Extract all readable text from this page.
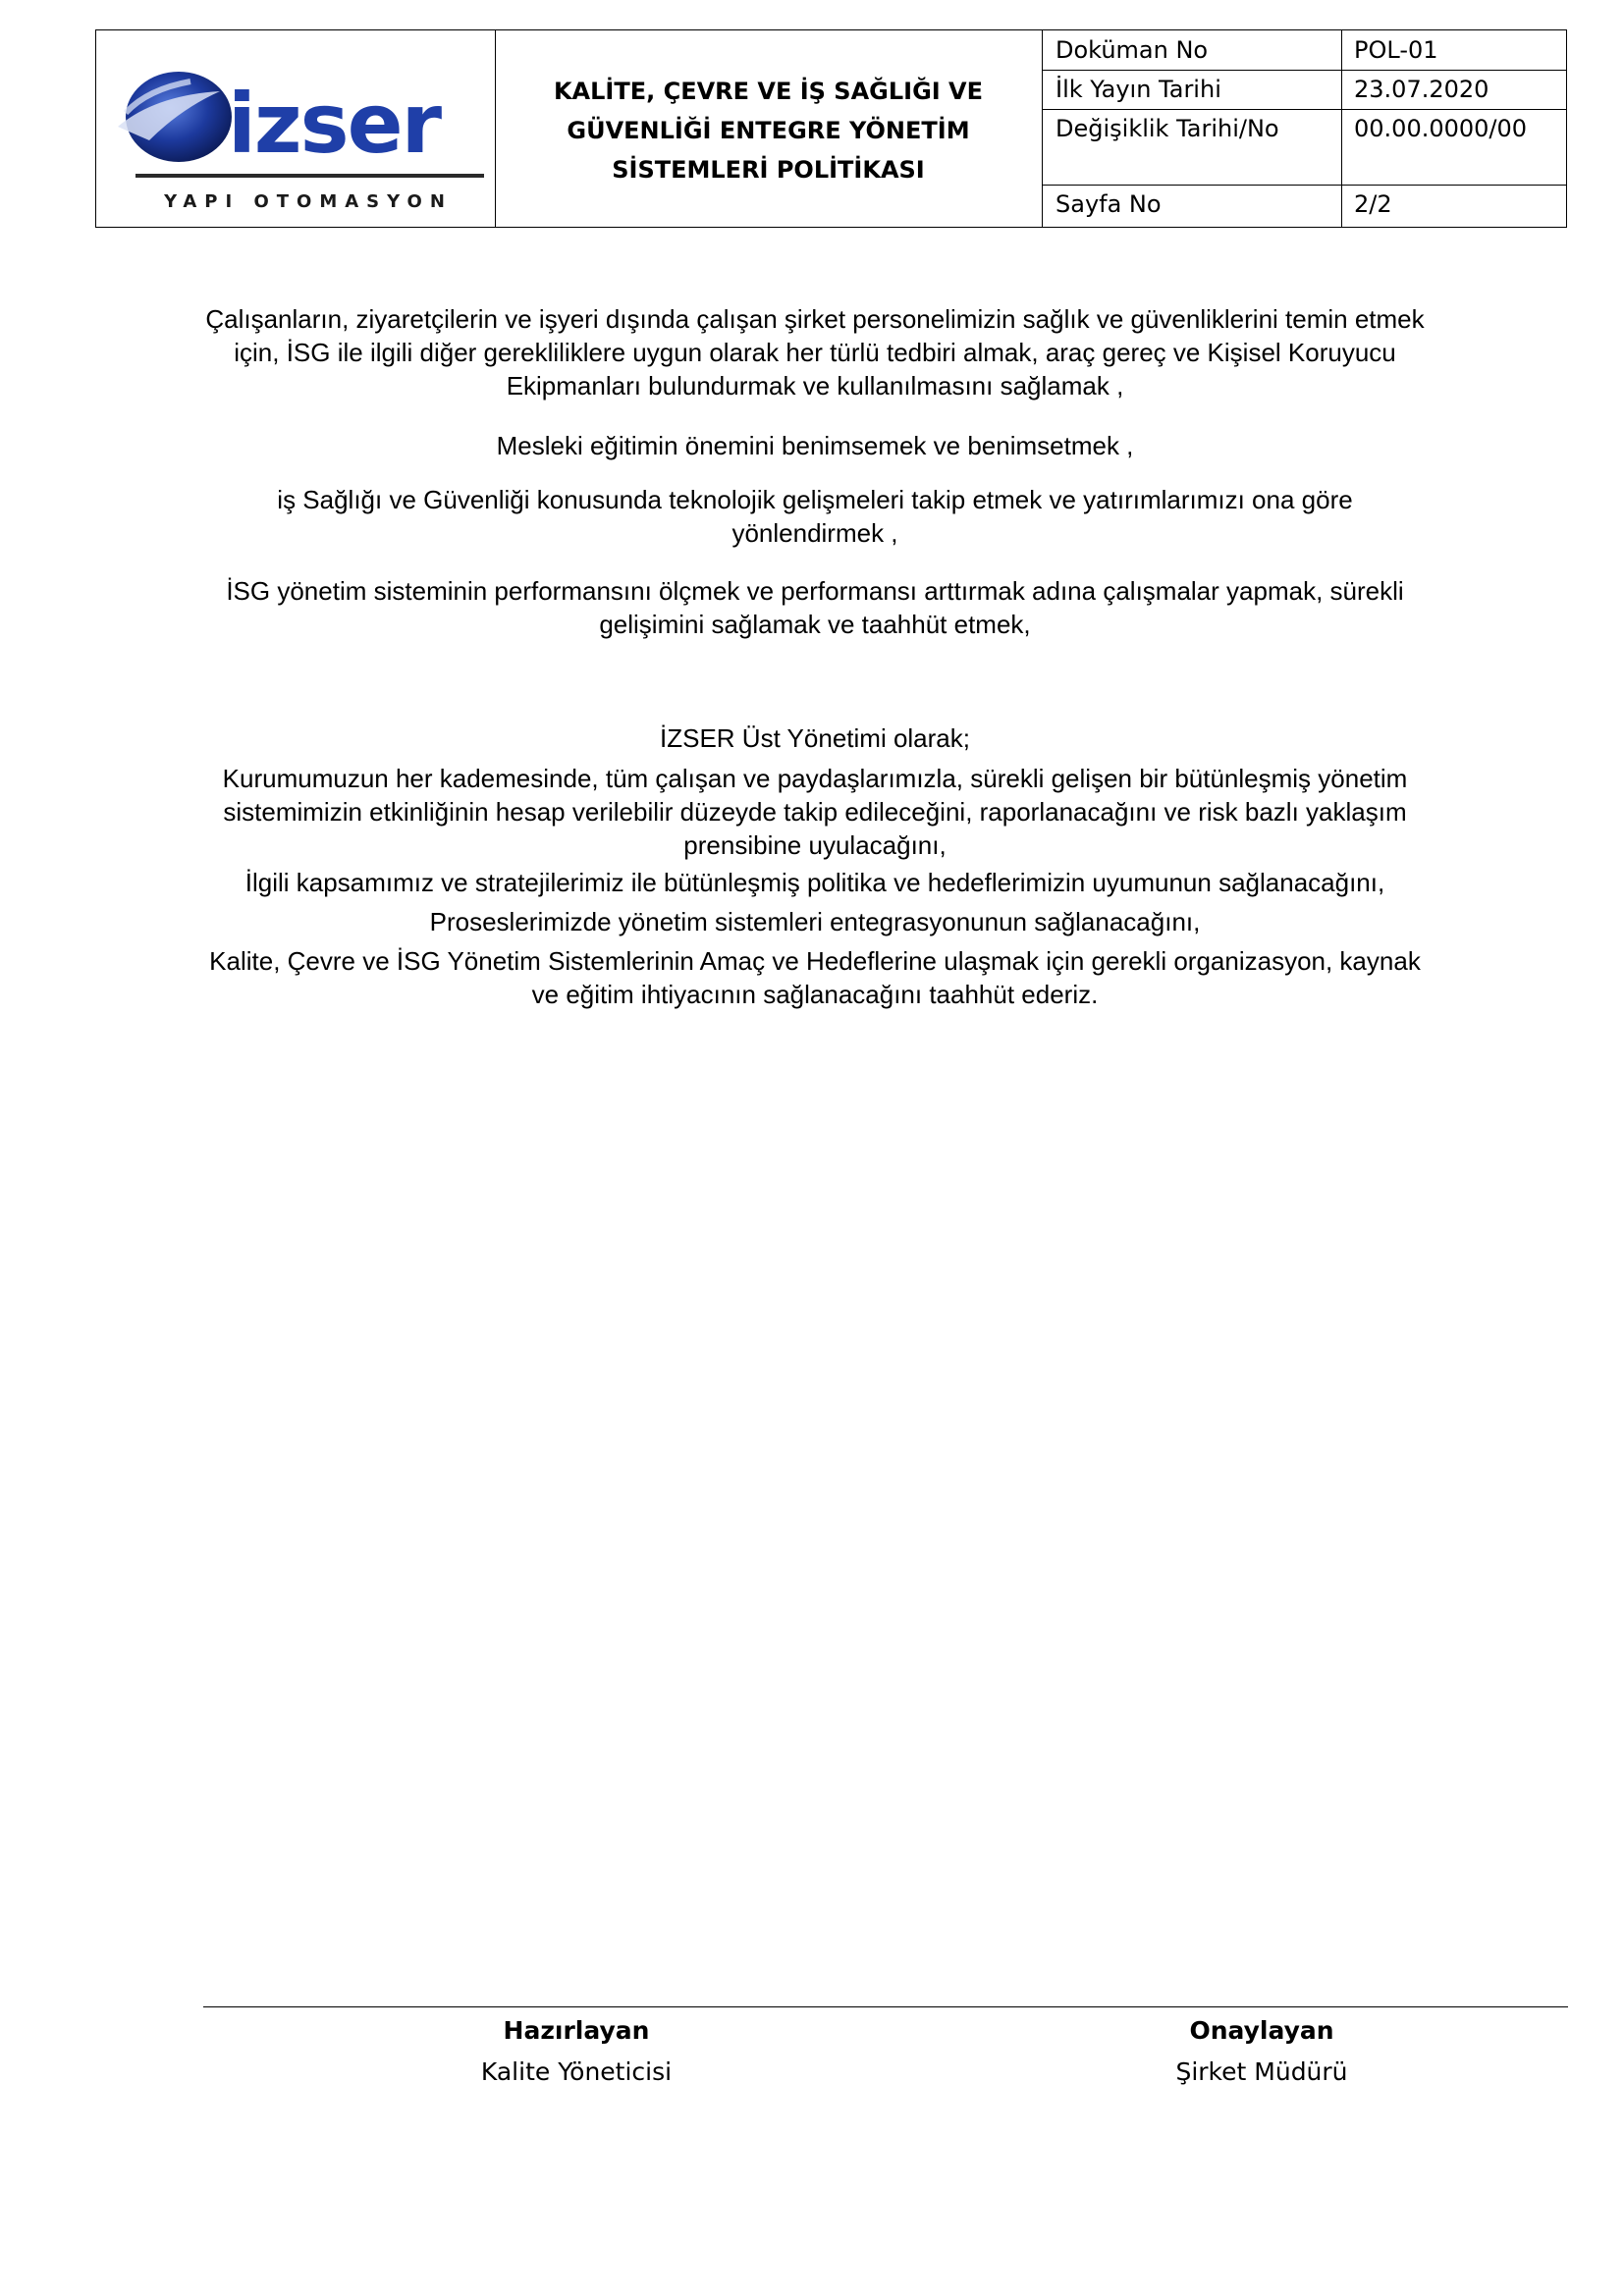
izser
YAPI OTOMASYON
KALİTE, ÇEVRE VE İŞ SAĞLIĞI VE
GÜVENLİĞİ ENTEGRE YÖNETİM
SİSTEMLERİ POLİTİKASI
Doküman No	POL-01
İlk Yayın Tarihi	23.07.2020
Değişiklik Tarihi/No	00.00.0000/00
Sayfa No	2/2
Çalışanların, ziyaretçilerin ve işyeri dışında çalışan şirket personelimizin sağlık ve güvenliklerini temin etmek
için, İSG ile ilgili diğer gerekliliklere uygun olarak her türlü tedbiri almak, araç gereç ve Kişisel Koruyucu
Ekipmanları bulundurmak ve kullanılmasını sağlamak ,
Mesleki eğitimin önemini benimsemek ve benimsetmek ,
iş Sağlığı ve Güvenliği konusunda teknolojik gelişmeleri takip etmek ve yatırımlarımızı ona göre
yönlendirmek ,
İSG yönetim sisteminin performansını ölçmek ve performansı arttırmak adına çalışmalar yapmak, sürekli
gelişimini sağlamak ve taahhüt etmek,
İZSER Üst Yönetimi olarak;
Kurumumuzun her kademesinde, tüm çalışan ve paydaşlarımızla, sürekli gelişen bir bütünleşmiş yönetim
sistemimizin etkinliğinin hesap verilebilir düzeyde takip edileceğini, raporlanacağını ve risk bazlı yaklaşım
prensibine uyulacağını,
İlgili kapsamımız ve stratejilerimiz ile bütünleşmiş politika ve hedeflerimizin uyumunun sağlanacağını,
Proseslerimizde yönetim sistemleri entegrasyonunun sağlanacağını,
Kalite, Çevre ve İSG Yönetim Sistemlerinin Amaç ve Hedeflerine ulaşmak için gerekli organizasyon, kaynak
ve eğitim ihtiyacının sağlanacağını taahhüt ederiz.
Hazırlayan
Kalite Yöneticisi
Onaylayan
Şirket Müdürü
